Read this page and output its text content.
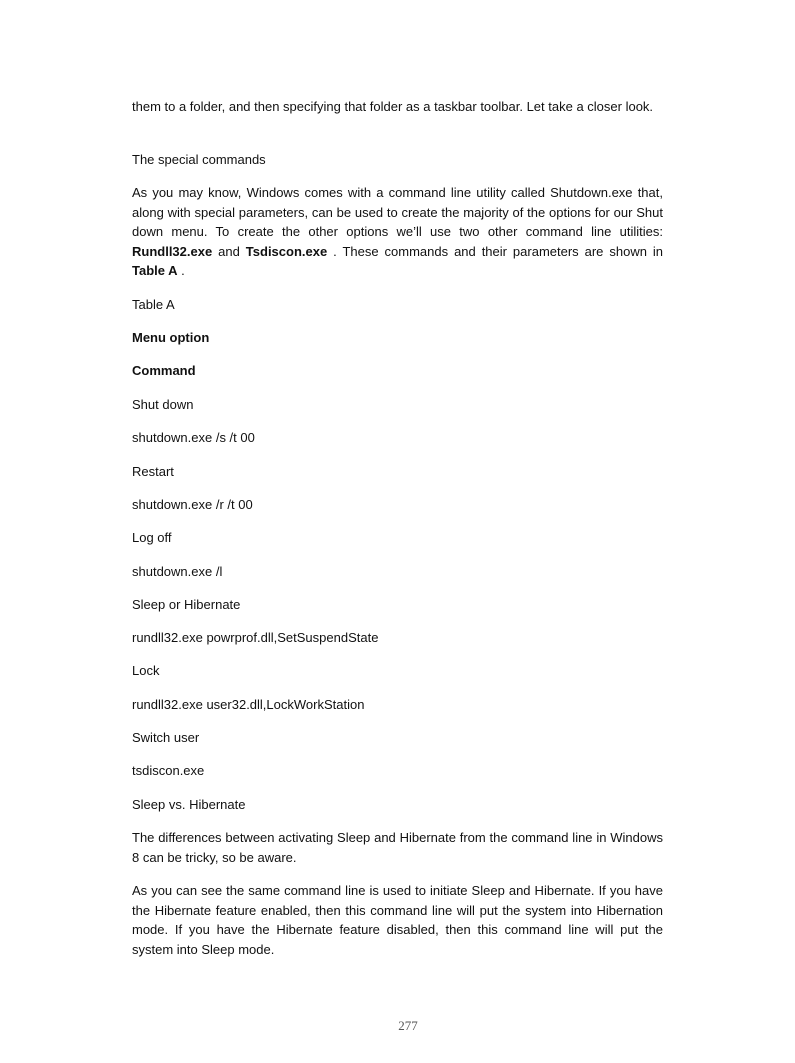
them to a folder, and then specifying that folder as a taskbar toolbar. Let take a closer look.

The special commands

As you may know, Windows comes with a command line utility called Shutdown.exe that, along with special parameters, can be used to create the majority of the options for our Shut down menu. To create the other options we’ll use two other command line utilities: Rundll32.exe and Tsdiscon.exe . These commands and their parameters are shown in Table A .

Table A

Menu option

Command

Shut down

shutdown.exe /s /t 00

Restart

shutdown.exe /r /t 00

Log off

shutdown.exe /l

Sleep or Hibernate

rundll32.exe powrprof.dll,SetSuspendState

Lock

rundll32.exe user32.dll,LockWorkStation

Switch user

tsdiscon.exe

Sleep vs. Hibernate

The differences between activating Sleep and Hibernate from the command line in Windows 8 can be tricky, so be aware.

As you can see the same command line is used to initiate Sleep and Hibernate. If you have the Hibernate feature enabled, then this command line will put the system into Hibernation mode. If you have the Hibernate feature disabled, then this command line will put the system into Sleep mode.

277
